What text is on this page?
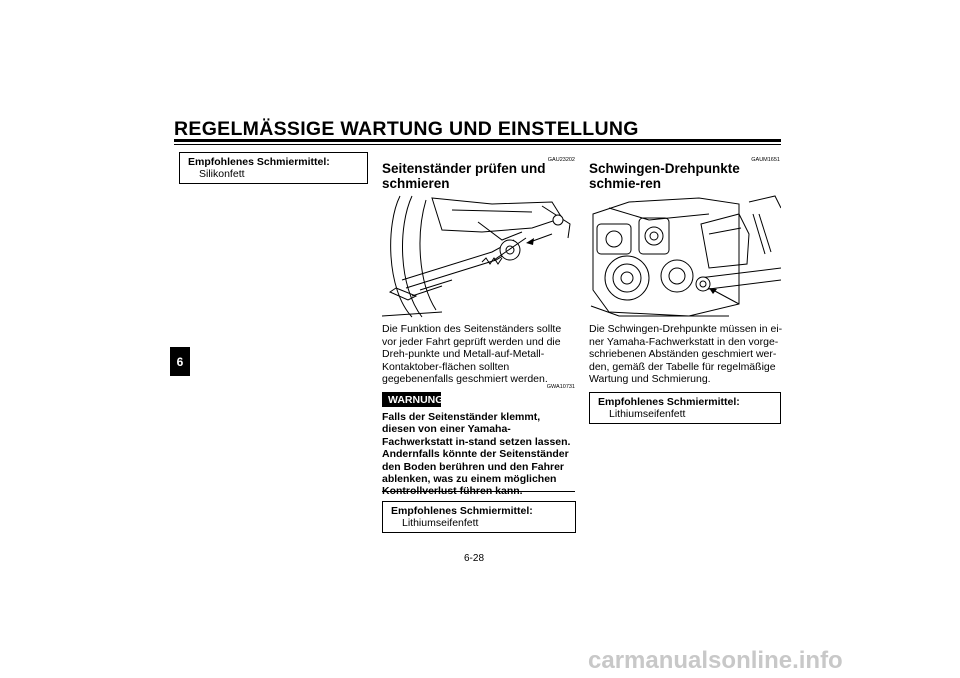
REGELMÄSSIGE WARTUNG UND EINSTELLUNG
6
Empfohlenes Schmiermittel:
Silikonfett
GAU23202
Seitenständer prüfen und schmieren
Die Funktion des Seitenständers sollte vor jeder Fahrt geprüft werden und die Dreh-punkte und Metall-auf-Metall-Kontaktober-flächen sollten gegebenenfalls geschmiert werden.
GWA10731
WARNUNG
Falls der Seitenständer klemmt, diesen von einer Yamaha-Fachwerkstatt in-stand setzen lassen. Andernfalls könnte der Seitenständer den Boden berühren und den Fahrer ablenken, was zu einem möglichen Kontrollverlust führen kann.
Empfohlenes Schmiermittel:
Lithiumseifenfett
GAUM1651
Schwingen-Drehpunkte schmie-ren
Die Schwingen-Drehpunkte müssen in ei-ner Yamaha-Fachwerkstatt in den vorge-schriebenen Abständen geschmiert wer-den, gemäß der Tabelle für regelmäßige Wartung und Schmierung.
Empfohlenes Schmiermittel:
Lithiumseifenfett
6-28
carmanualsonline.info
